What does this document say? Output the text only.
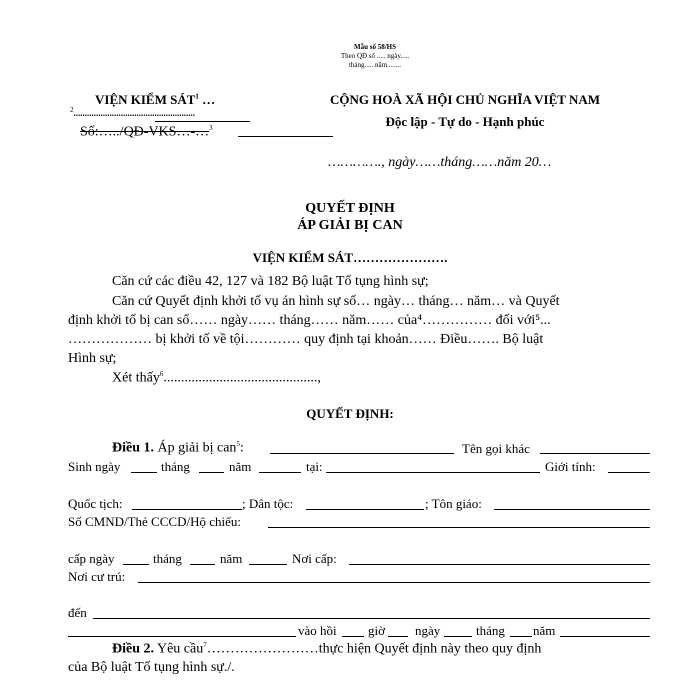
Mẫu số 58/HS
Theo QĐ số ..... ngày.....
tháng..... năm........
VIỆN KIỂM SÁT$^1$ …
$^2$......................................................
Số:…../QĐ-VKS…-…$^3$
CỘNG HOÀ XÃ HỘI CHỦ NGHĨA VIỆT NAM
Độc lập - Tự do - Hạnh phúc
…………., ngày……tháng……năm 20…
QUYẾT ĐỊNH
ÁP GIẢI BỊ CAN
VIỆN KIỂM SÁT………………….
Căn cứ các điều 42, 127 và 182 Bộ luật Tố tụng hình sự;
Căn cứ Quyết định khởi tố vụ án hình sự số… ngày… tháng… năm… và Quyết
định khởi tố bị can số…… ngày…… tháng…… năm…… của⁴…………… đối với⁵...
……………… bị khởi tố về tội………… quy định tại khoản…… Điều……. Bộ luật
Hình sự;
Xét thấy$^6$............................................,
QUYẾT ĐỊNH:
Điều 1. Áp giải bị can$^5$:	Tên gọi khác
Sinh ngày	tháng	năm	tại:	Giới tính:
Quốc tịch:	; Dân tộc:	; Tôn giáo:
Số CMND/Thẻ CCCD/Hộ chiếu:
cấp ngày	tháng	năm	Nơi cấp:
Nơi cư trú:
đến
vào hồi giờ ngày	tháng năm
Điều 2. Yêu cầu$^7$……………………thực hiện Quyết định này theo quy định
của Bộ luật Tố tụng hình sự./.
